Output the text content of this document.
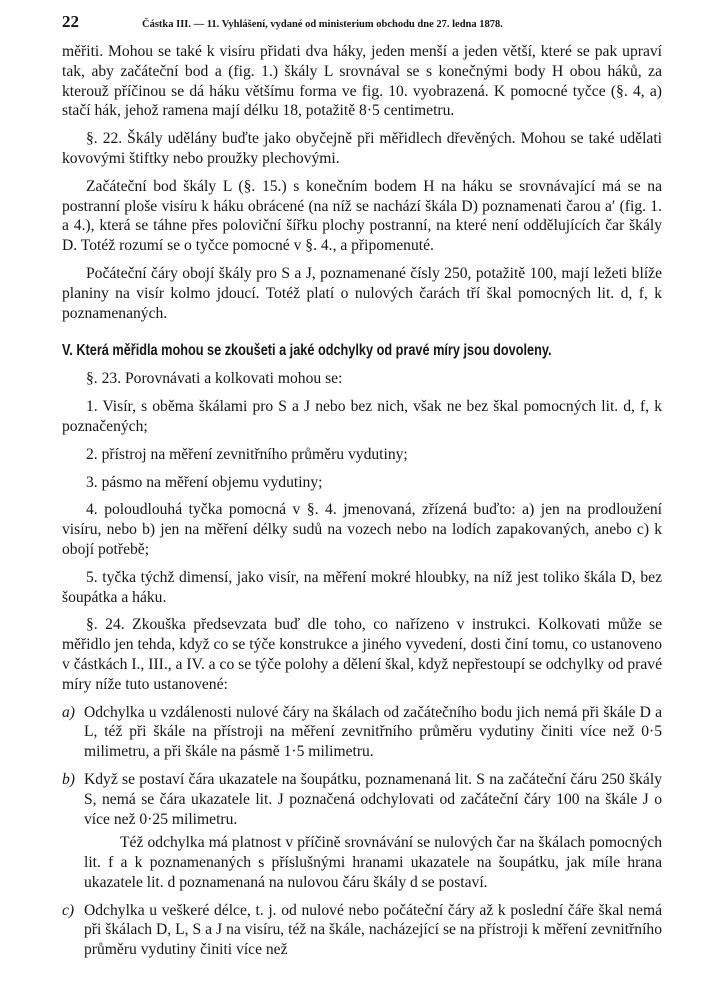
22	Částka III. — 11. Vyhlášení, vydané od ministerium obchodu dne 27. ledna 1878.

měřiti. Mohou se také k visíru přidati dva háky, jeden menší a jeden větší, které se pak upraví tak, aby začáteční bod a (fig. 1.) škály L srovnával se s konečnými body H obou háků, za kterouž příčinou se dá háku většímu forma ve fig. 10. vyobrazená. K pomocné tyčce (§. 4, a) stačí hák, jehož ramena mají délku 18, potažitě 8·5 centimetru.

§. 22. Škály udělány buďte jako obyčejně při měřidlech dřevěných. Mohou se také udělati kovovými štiftky nebo proužky plechovými.

Začáteční bod škály L (§. 15.) s konečním bodem H na háku se srovnávající má se na postranní ploše visíru k háku obrácené (na níž se nachází škála D) poznamenati čarou a′ (fig. 1. a 4.), která se táhne přes poloviční šířku plochy postranní, na které není oddělujících čar škály D. Totéž rozumí se o tyčce pomocné v §. 4., a připomenuté.

Počáteční čáry obojí škály pro S a J, poznamenané čísly 250, potažitě 100, mají ležeti blíže planiny na visír kolmo jdoucí. Totéž platí o nulových čarách tří škal pomocných lit. d, f, k poznamenaných.

V. Která měřidla mohou se zkoušeti a jaké odchylky od pravé míry jsou dovoleny.

§. 23. Porovnávati a kolkovati mohou se:

1. Visír, s oběma škálami pro S a J nebo bez nich, však ne bez škal pomocných lit. d, f, k poznačených;

2. přístroj na měření zevnitřního průměru vydutiny;

3. pásmo na měření objemu vydutiny;

4. poloudlouhá tyčka pomocná v §. 4. jmenovaná, zřízená buďto: a) jen na prodloužení visíru, nebo b) jen na měření délky sudů na vozech nebo na lodích zapakovaných, anebo c) k obojí potřebě;

5. tyčka týchž dimensí, jako visír, na měření mokré hloubky, na níž jest toliko škála D, bez šoupátka a háku.

§. 24. Zkouška předsevzata buď dle toho, co nařízeno v instrukci. Kolkovati může se měřidlo jen tehda, když co se týče konstrukce a jiného vyvedení, dosti činí tomu, co ustanoveno v částkách I., III., a IV. a co se týče polohy a dělení škal, když nepřestoupí se odchylky od pravé míry níže tuto ustanovené:

a) Odchylka u vzdálenosti nulové čáry na škálach od začátečního bodu jich nemá při škále D a L, též při škále na přístroji na měření zevnitřního průměru vydutiny činiti více než 0·5 milimetru, a při škále na pásmě 1·5 milimetru.
b) Když se postaví čára ukazatele na šoupátku, poznamenaná lit. S na začáteční čáru 250 škály S, nemá se čára ukazatele lit. J poznačená odchylovati od začáteční čáry 100 na škále J o více než 0·25 milimetru.

Též odchylka má platnost v příčině srovnávání se nulových čar na škálach pomocných lit. f a k poznamenaných s příslušnými hranami ukazatele na šoupátku, jak míle hrana ukazatele lit. d poznamenaná na nulovou čáru škály d se postaví.

c) Odchylka u veškeré délce, t. j. od nulové nebo počáteční čáry až k poslední čáře škal nemá při škálach D, L, S a J na visíru, též na škále, nacházející se na přístroji k měření zevnitřního průměru vydutiny činiti více než
